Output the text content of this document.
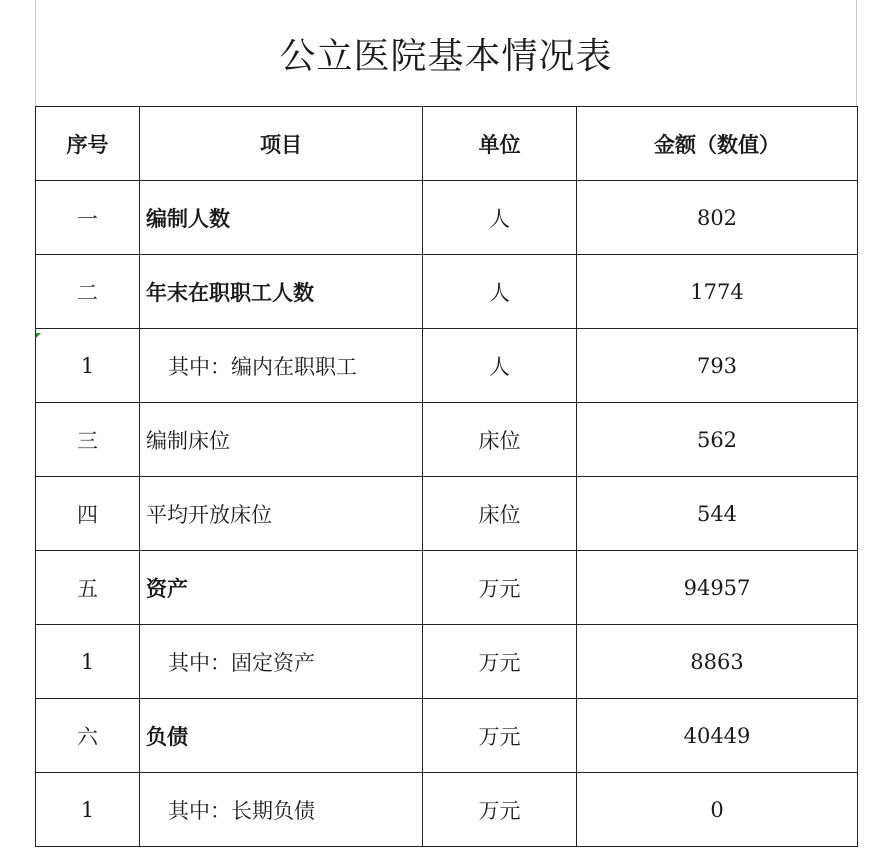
公立医院基本情况表
序号	项目	单位	金额（数值）
一	编制人数	人	802
二	年末在职职工人数	人	1774
1	其中：编内在职职工	人	793
三	编制床位	床位	562
四	平均开放床位	床位	544
五	资产	万元	94957
1	其中：固定资产	万元	8863
六	负债	万元	40449
1	其中：长期负债	万元	0
